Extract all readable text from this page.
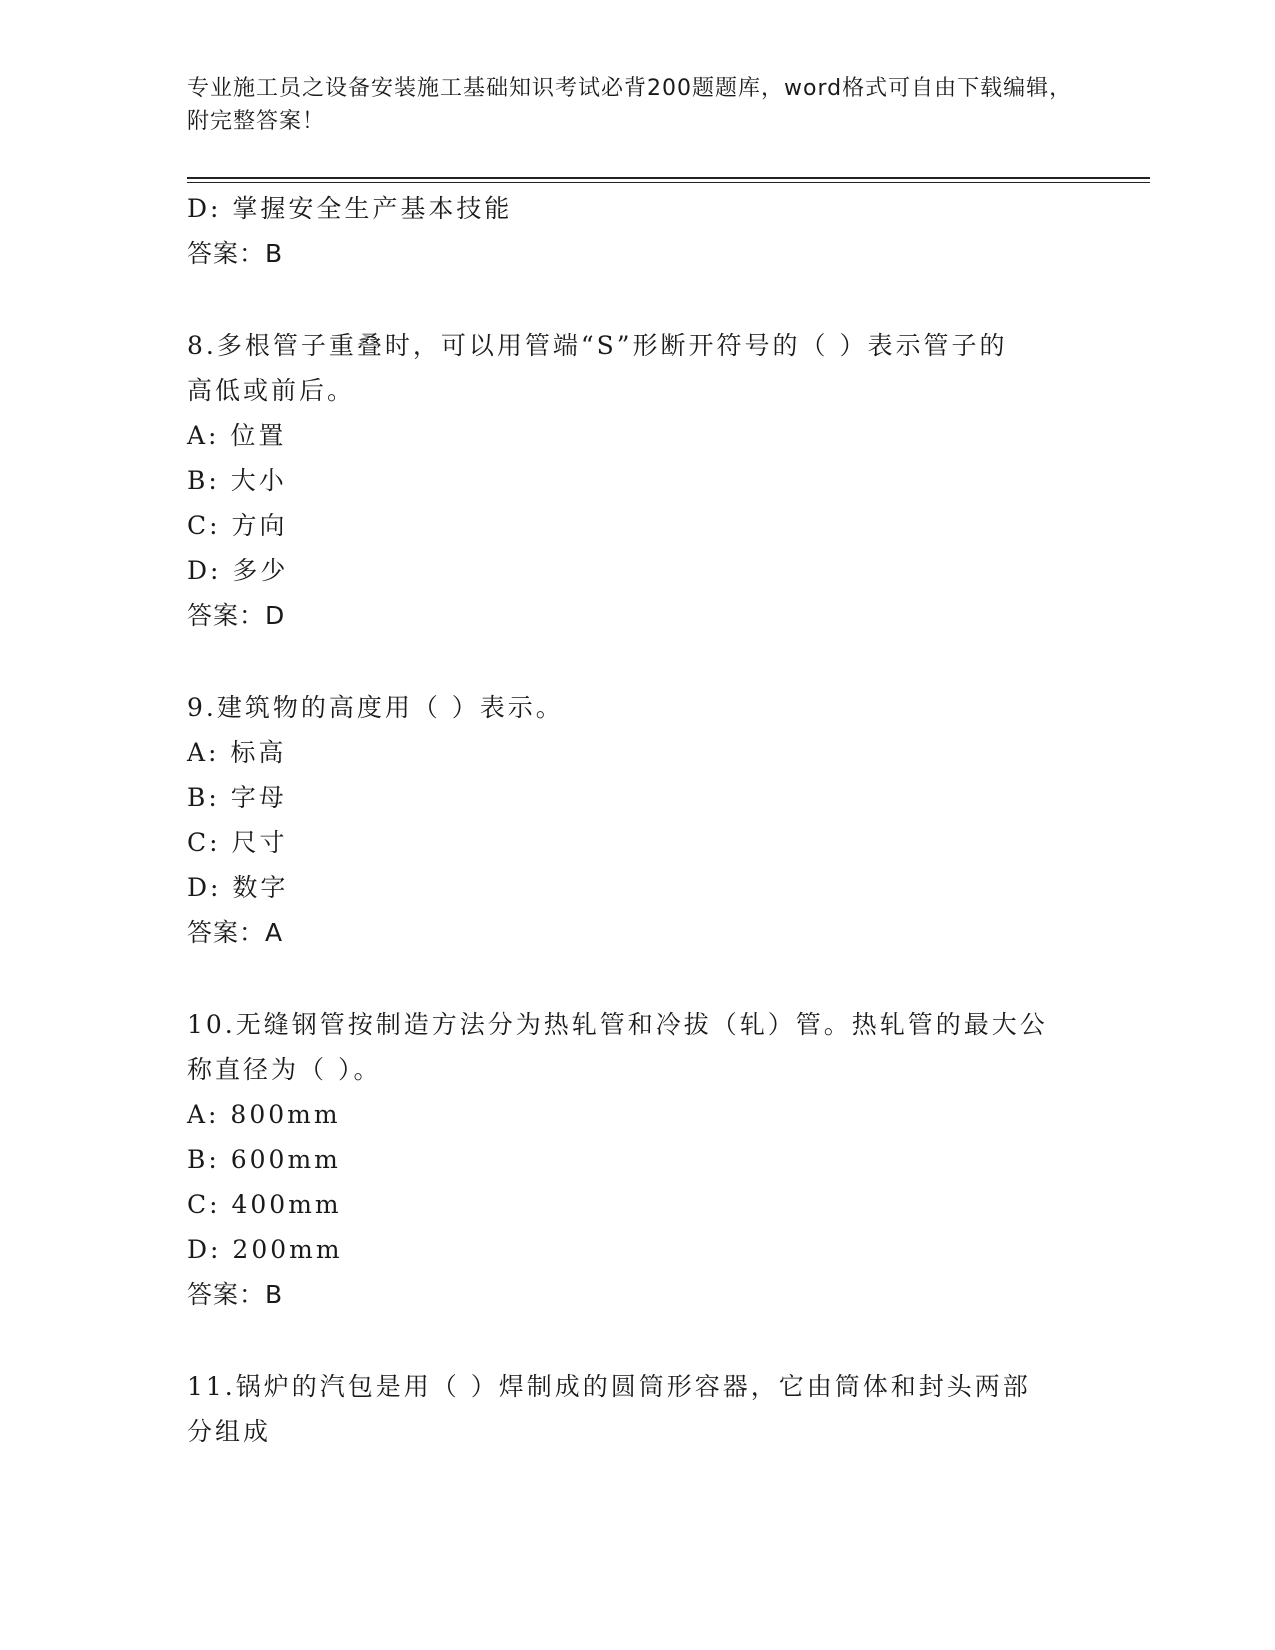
专业施工员之设备安装施工基础知识考试必背200题题库，word格式可自由下载编辑，附完整答案！

D: 掌握安全生产基本技能

答案：B

8.多根管子重叠时，可以用管端“S”形断开符号的（ ）表示管子的

高低或前后。

A: 位置

B: 大小

C: 方向

D: 多少

答案：D

9.建筑物的高度用（ ）表示。

A: 标高

B: 字母

C: 尺寸

D: 数字

答案：A

10.无缝钢管按制造方法分为热轧管和冷拔（轧）管。热轧管的最大公

称直径为（ ）。

A: 800mm

B: 600mm

C: 400mm

D: 200mm

答案：B

11.锅炉的汽包是用（ ）焊制成的圆筒形容器，它由筒体和封头两部

分组成
